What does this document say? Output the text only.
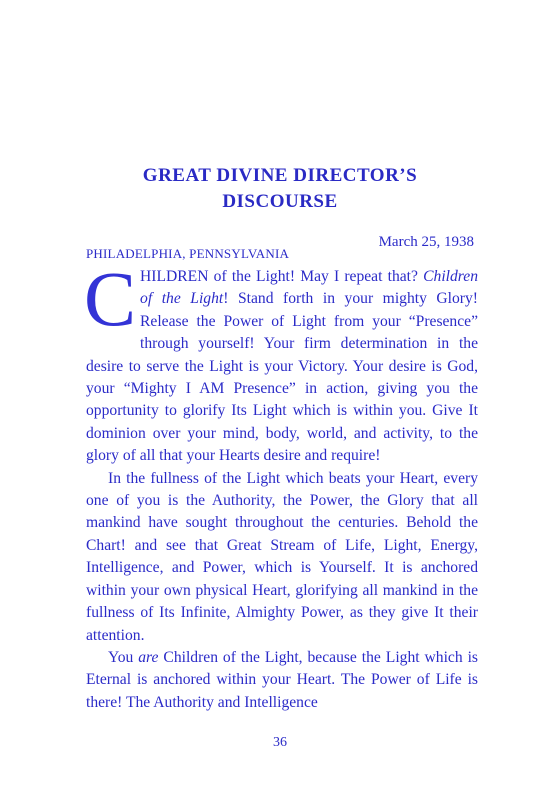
GREAT DIVINE DIRECTOR’S
DISCOURSE
March 25, 1938
PHILADELPHIA, PENNSYLVANIA

CHILDREN of the Light! May I repeat that? Children of the Light! Stand forth in your mighty Glory! Release the Power of Light from your “Presence” through yourself! Your firm determination in the desire to serve the Light is your Victory. Your desire is God, your “Mighty I AM Presence” in action, giving you the opportunity to glorify Its Light which is within you. Give It dominion over your mind, body, world, and activity, to the glory of all that your Hearts desire and require!

In the fullness of the Light which beats your Heart, every one of you is the Authority, the Power, the Glory that all mankind have sought throughout the centuries. Behold the Chart! and see that Great Stream of Life, Light, Energy, Intelligence, and Power, which is Yourself. It is anchored within your own physical Heart, glorifying all mankind in the fullness of Its Infinite, Almighty Power, as they give It their attention.

You are Children of the Light, because the Light which is Eternal is anchored within your Heart. The Power of Life is there! The Authority and Intelligence

36
